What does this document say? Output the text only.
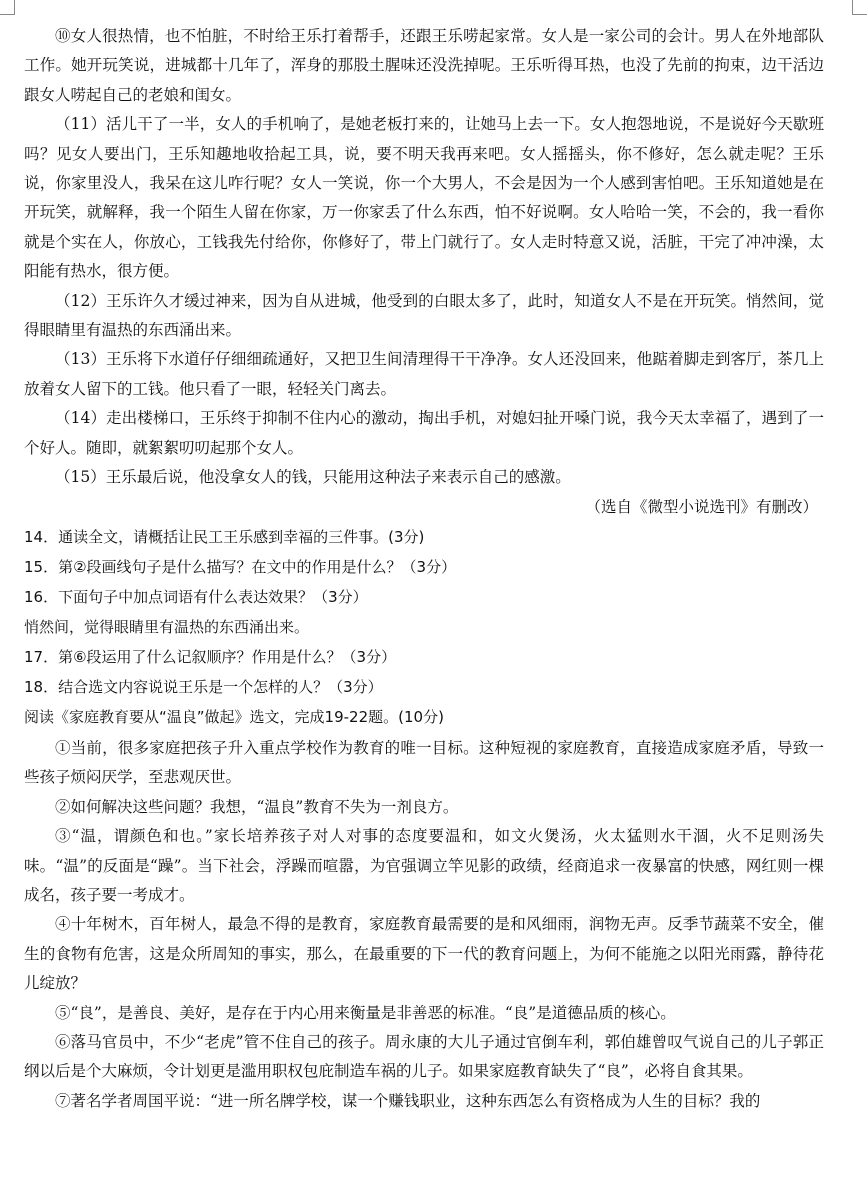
⑩女人很热情，也不怕脏，不时给王乐打着帮手，还跟王乐唠起家常。女人是一家公司的会计。男人在外地部队工作。她开玩笑说，进城都十几年了，浑身的那股土腥味还没洗掉呢。王乐听得耳热，也没了先前的拘束，边干活边跟女人唠起自己的老娘和闺女。

（11）活儿干了一半，女人的手机响了，是她老板打来的，让她马上去一下。女人抱怨地说，不是说好今天歇班吗？见女人要出门，王乐知趣地收拾起工具，说，要不明天我再来吧。女人摇摇头，你不修好，怎么就走呢？王乐说，你家里没人，我呆在这儿咋行呢？女人一笑说，你一个大男人，不会是因为一个人感到害怕吧。王乐知道她是在开玩笑，就解释，我一个陌生人留在你家，万一你家丢了什么东西，怕不好说啊。女人哈哈一笑，不会的，我一看你就是个实在人，你放心，工钱我先付给你，你修好了，带上门就行了。女人走时特意又说，活脏，干完了冲冲澡，太阳能有热水，很方便。

（12）王乐许久才缓过神来，因为自从进城，他受到的白眼太多了，此时，知道女人不是在开玩笑。悄然间，觉得眼睛里有温热的东西涌出来。

（13）王乐将下水道仔仔细细疏通好，又把卫生间清理得干干净净。女人还没回来，他踮着脚走到客厅，茶几上放着女人留下的工钱。他只看了一眼，轻轻关门离去。

（14）走出楼梯口，王乐终于抑制不住内心的激动，掏出手机，对媳妇扯开嗓门说，我今天太幸福了，遇到了一个好人。随即，就絮絮叨叨起那个女人。

（15）王乐最后说，他没拿女人的钱，只能用这种法子来表示自己的感激。

（选自《微型小说选刊》有删改）

14．通读全文，请概括让民工王乐感到幸福的三件事。(3分)

15．第②段画线句子是什么描写？在文中的作用是什么？（3分）

16．下面句子中加点词语有什么表达效果？（3分）

悄然间，觉得眼睛里有温热的东西涌出来。

17．第⑥段运用了什么记叙顺序？作用是什么？（3分）

18．结合选文内容说说王乐是一个怎样的人？（3分）

阅读《家庭教育要从“温良”做起》选文，完成19-22题。(10分)

①当前，很多家庭把孩子升入重点学校作为教育的唯一目标。这种短视的家庭教育，直接造成家庭矛盾，导致一些孩子烦闷厌学，至悲观厌世。

②如何解决这些问题？我想，“温良”教育不失为一剂良方。

③“温，谓颜色和也。”家长培养孩子对人对事的态度要温和，如文火煲汤，火太猛则水干涸，火不足则汤失味。“温”的反面是“躁”。当下社会，浮躁而喧嚣，为官强调立竿见影的政绩，经商追求一夜暴富的快感，网红则一棵成名，孩子要一考成才。

④十年树木，百年树人，最急不得的是教育，家庭教育最需要的是和风细雨，润物无声。反季节蔬菜不安全，催生的食物有危害，这是众所周知的事实，那么，在最重要的下一代的教育问题上，为何不能施之以阳光雨露，静待花儿绽放？

⑤“良”，是善良、美好，是存在于内心用来衡量是非善恶的标准。“良”是道德品质的核心。

⑥落马官员中，不少“老虎”管不住自己的孩子。周永康的大儿子通过官倒车利，郭伯雄曾叹气说自己的儿子郭正纲以后是个大麻烦，令计划更是滥用职权包庇制造车祸的儿子。如果家庭教育缺失了“良”，必将自食其果。

⑦著名学者周国平说：“进一所名牌学校，谋一个赚钱职业，这种东西怎么有资格成为人生的目标？我的
